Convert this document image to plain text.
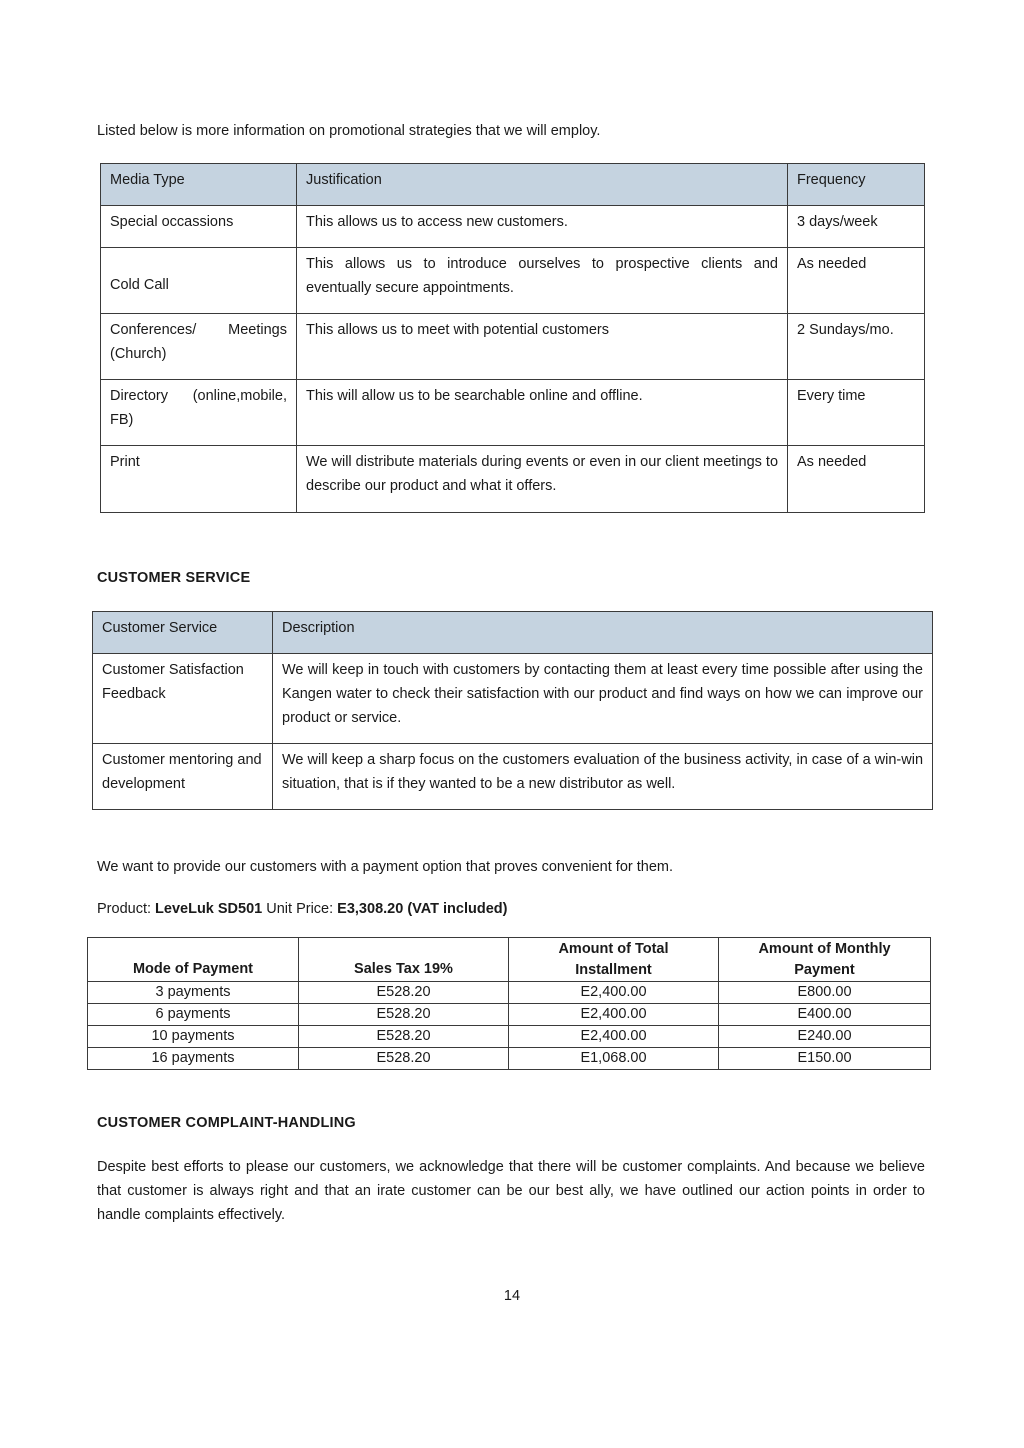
Listed below is more information on promotional strategies that we will employ.
Media Type	Justification	Frequency
Special occassions	This allows us to access new customers.	3 days/week
Cold Call	This allows us to introduce ourselves to prospective clients and eventually secure appointments.	As needed
Conferences/ Meetings (Church)	This allows us to meet with potential customers	2 Sundays/mo.
Directory (online,mobile, FB)	This will allow us to be searchable online and offline.	Every time
Print	We will distribute materials during events or even in our client meetings to describe our product and what it offers.	As needed
CUSTOMER SERVICE
Customer Service	Description
Customer Satisfaction Feedback	We will keep in touch with customers by contacting them at least every time possible after using the Kangen water to check their satisfaction with our product and find ways on how we can improve our product or service.
Customer mentoring and development	We will keep a sharp focus on the customers evaluation of the business activity, in case of a win-win situation, that is if they wanted to be a new distributor as well.
We want to provide our customers with a payment option that proves convenient for them.
Product: LeveLuk SD501 Unit Price: E3,308.20 (VAT included)
Mode of Payment	Sales Tax 19%	Amount of Total Installment	Amount of Monthly Payment
3 payments	E528.20	E2,400.00	E800.00
6 payments	E528.20	E2,400.00	E400.00
10 payments	E528.20	E2,400.00	E240.00
16 payments	E528.20	E1,068.00	E150.00
CUSTOMER COMPLAINT-HANDLING
Despite best efforts to please our customers, we acknowledge that there will be customer complaints. And because we believe that customer is always right and that an irate customer can be our best ally, we have outlined our action points in order to handle complaints effectively.
14
